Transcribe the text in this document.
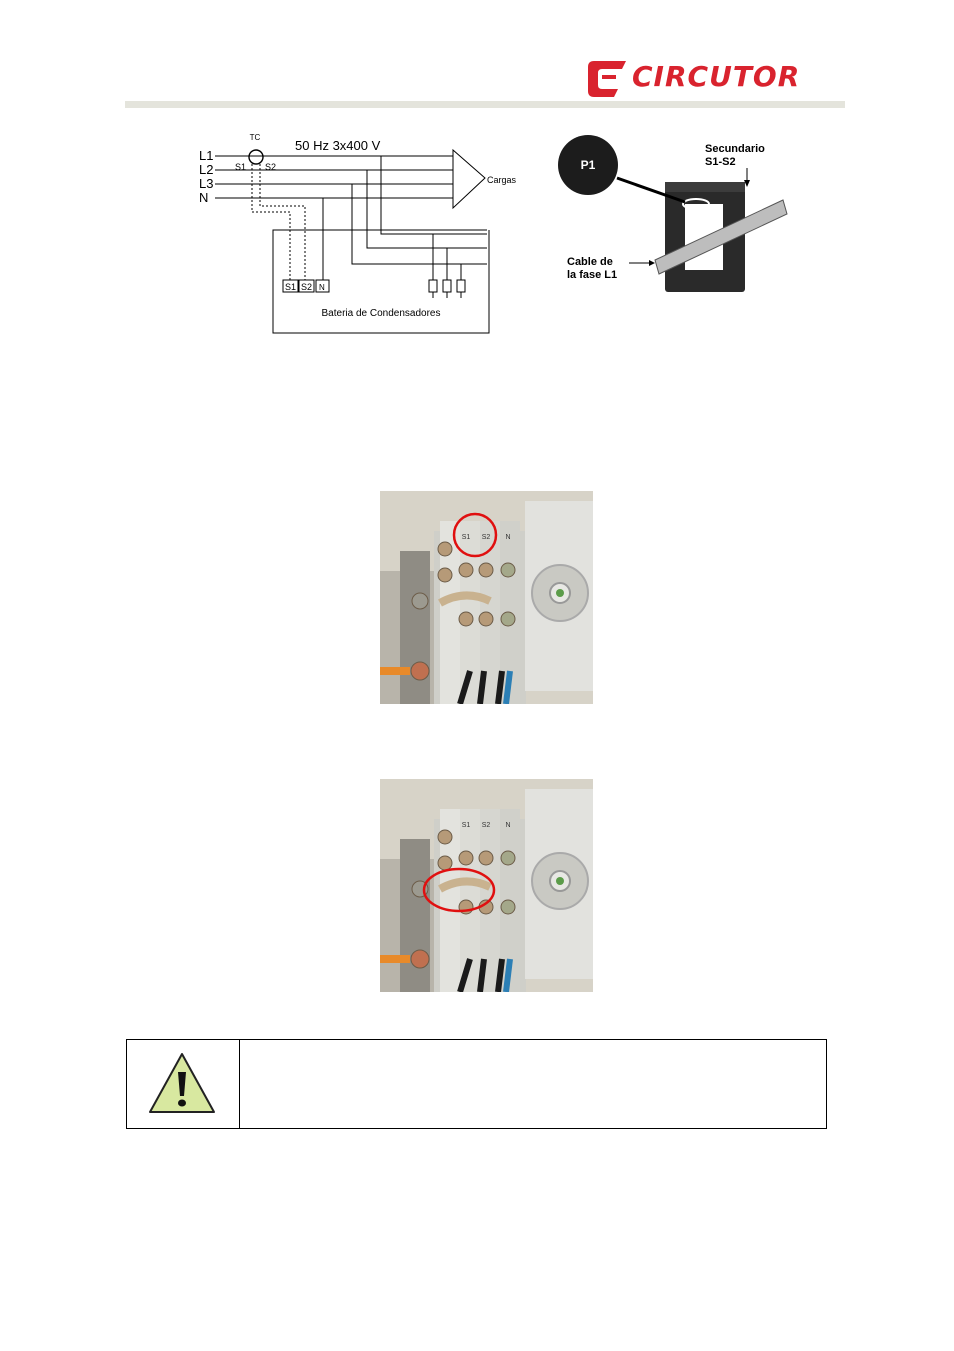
CIRCUTOR
TC
50 Hz 3x400 V
L1
L2
L3
N
S1 S2
Cargas
S1 S2 N
Bateria de Condensadores
P1
Secundario
S1-S2
Cable de
la fase L1
S1 S2 N
S1 S2 N
